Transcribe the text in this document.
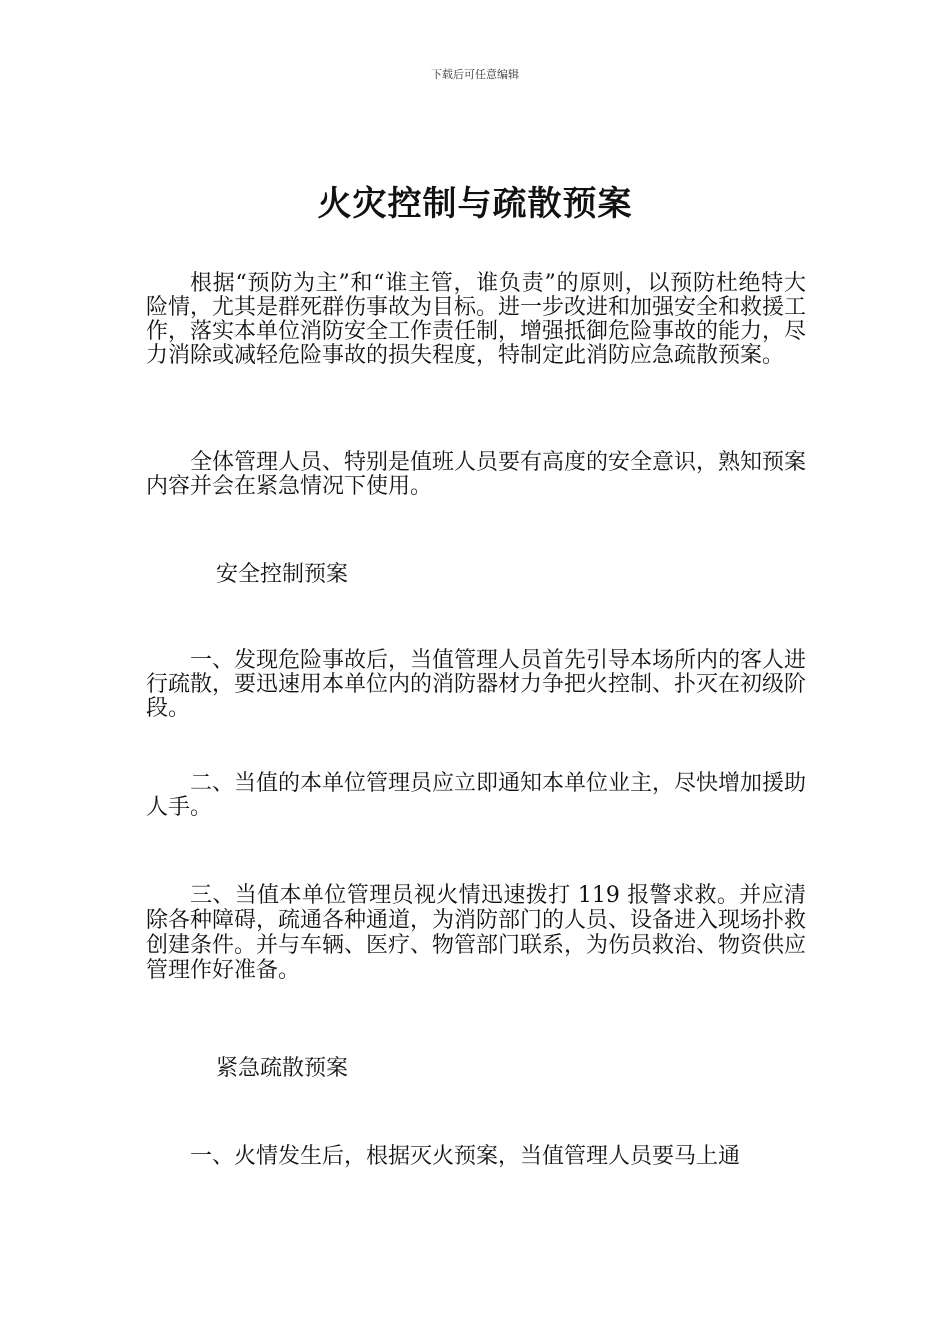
下载后可任意编辑
火灾控制与疏散预案

根据“预防为主”和“谁主管，谁负责”的原则，以预防杜绝特大险情，尤其是群死群伤事故为目标。进一步改进和加强安全和救援工作，落实本单位消防安全工作责任制，增强抵御危险事故的能力，尽力消除或减轻危险事故的损失程度，特制定此消防应急疏散预案。

全体管理人员、特别是值班人员要有高度的安全意识，熟知预案内容并会在紧急情况下使用。

安全控制预案

一、发现危险事故后，当值管理人员首先引导本场所内的客人进行疏散，要迅速用本单位内的消防器材力争把火控制、扑灭在初级阶段。

二、当值的本单位管理员应立即通知本单位业主，尽快增加援助人手。

三、当值本单位管理员视火情迅速拨打 119 报警求救。并应清除各种障碍，疏通各种通道，为消防部门的人员、设备进入现场扑救创建条件。并与车辆、医疗、物管部门联系，为伤员救治、物资供应管理作好准备。

紧急疏散预案

一、火情发生后，根据灭火预案，当值管理人员要马上通
